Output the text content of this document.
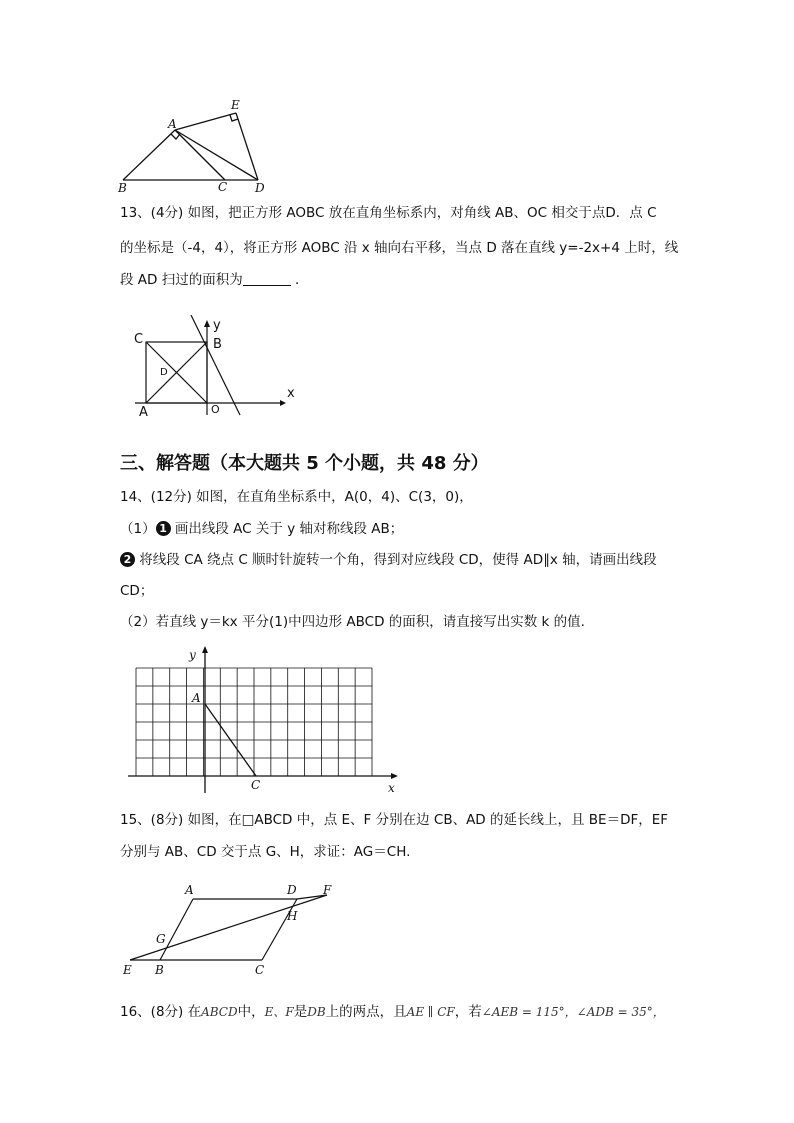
A
E
B	C D
13、(4分) 如图，把正方形 AOBC 放在直角坐标系内，对角线 AB、OC 相交于点D．点 C
的坐标是（-4，4），将正方形 AOBC 沿 x 轴向右平移，当点 D 落在直线 y=-2x+4 上时，线
段 AD 扫过的面积为	．
C	B
y
D
A	O
x
三、解答题（本大题共 5 个小题，共 48 分）
14、(12分) 如图，在直角坐标系中，A(0，4)、C(3，0)，
（1） 1 画出线段 AC 关于 y 轴对称线段 AB；
2 将线段 CA 绕点 C 顺时针旋转一个角，得到对应线段 CD，使得 AD∥x 轴，请画出线段
CD；
（2）若直线 y＝kx 平分(1)中四边形 ABCD 的面积，请直接写出实数 k 的值.
y
A
C	x
15、(8分) 如图，在□ABCD 中，点 E、F 分别在边 CB、AD 的延长线上，且 BE＝DF，EF
分别与 AB、CD 交于点 G、H，求证：AG＝CH.
A	D F
H
G
E B	C
16、(8分) 在ABCD中，E、F是DB上的两点，且AE ∥ CF，若∠AEB = 115°，∠ADB = 35°，
